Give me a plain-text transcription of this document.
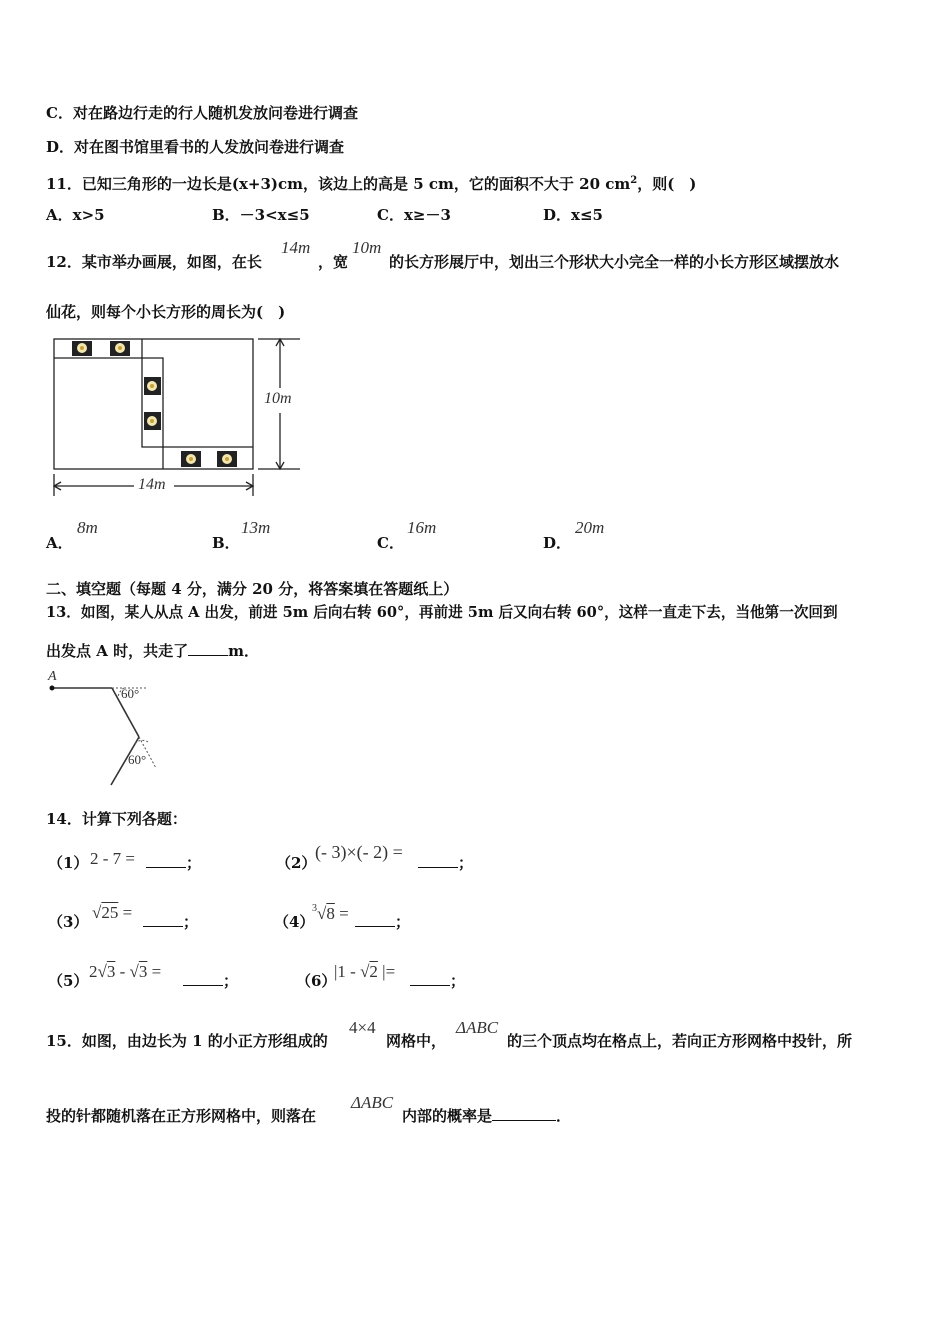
C．对在路边行走的行人随机发放问卷进行调查
D．对在图书馆里看书的人发放问卷进行调查
11．已知三角形的一边长是(x+3)cm，该边上的高是 5 cm，它的面积不大于 20 $cm^2$，则(　)
A．x>5	B．－3<x≤5	C．x≥－3	D．x≤5
12．某市举办画展，如图，在长
14m
，宽
10m
的长方形展厅中，划出三个形状大小完全一样的小长方形区域摆放水
仙花，则每个小长方形的周长为(　)
10m
14m
A．
8m
B．
13m
C．
16m
D．
20m
二、填空题（每题 4 分，满分 20 分，将答案填在答题纸上）
13．如图，某人从点 A 出发，前进 5m 后向右转 60°，再前进 5m 后又向右转 60°，这样一直走下去，当他第一次回到
出发点 A 时，共走了	m．
A
60°
60°
14．计算下列各题：
（1） 2 - 7 =	；	（2）
(- 3)×(- 2) =
；
（3） √25 =	；	（4）
$^3$√8 =	；
（5） 2√3 - √3 =	；	（6）
|1 - √2 |=	；
15．如图，由边长为 1 的小正方形组成的
4×4
网格中，
ΔABC
的三个顶点均在格点上，若向正方形网格中投针，所
投的针都随机落在正方形网格中，则落在
ΔABC
内部的概率是	．
